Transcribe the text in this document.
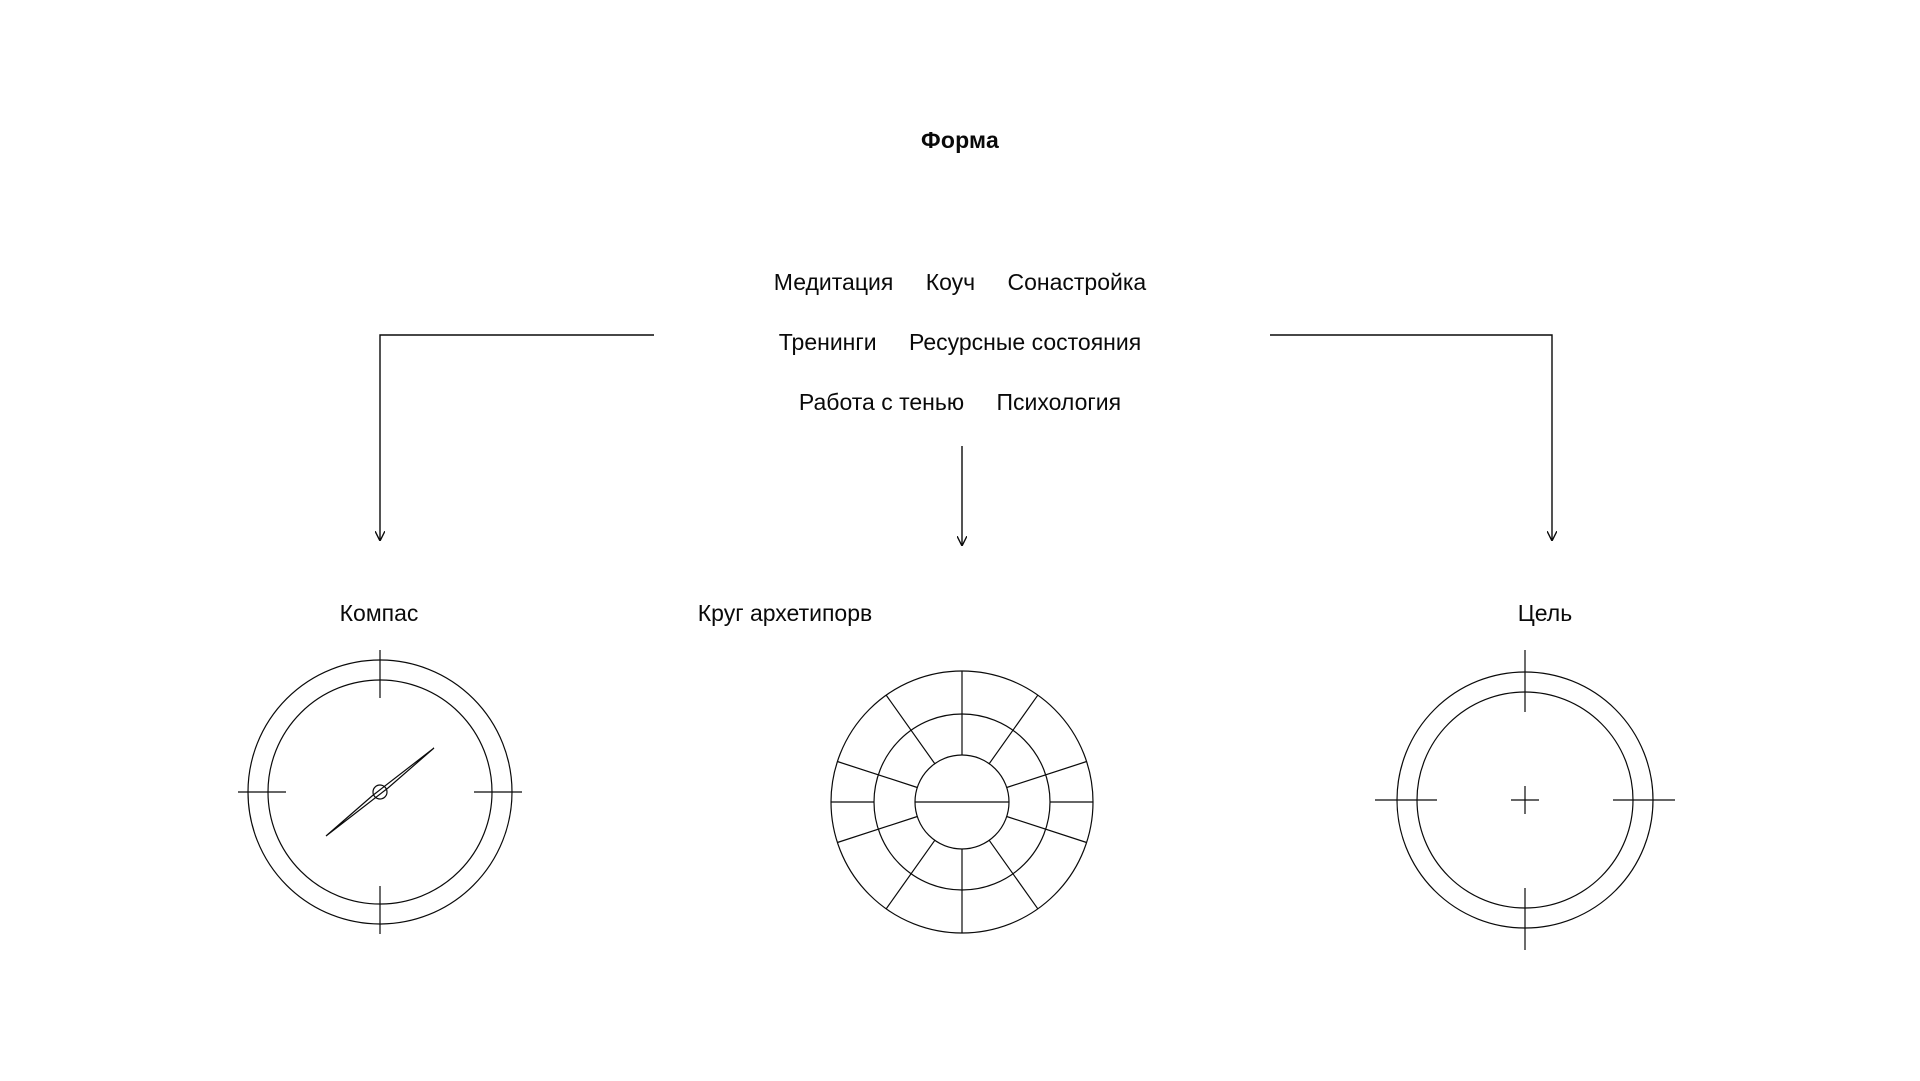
Форма
Медитация Коуч Сонастройка
Тренинги Ресурсные состояния
Работа с тенью Психология
Компас	Круг архетипорв	Цель
